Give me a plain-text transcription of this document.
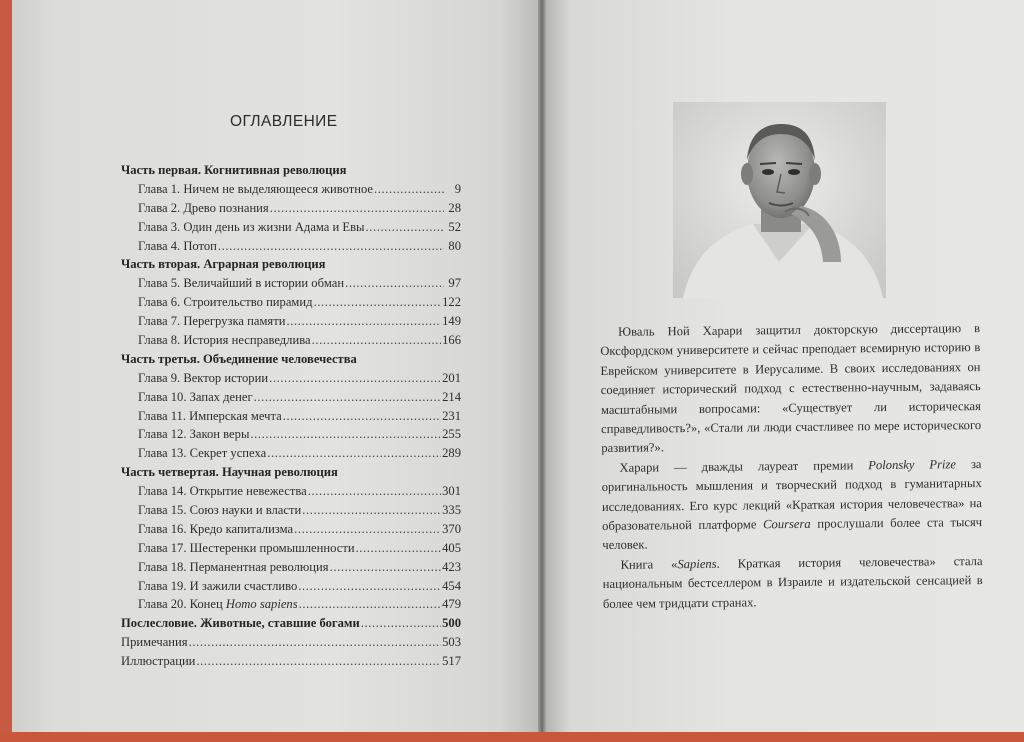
ОГЛАВЛЕНИЕ
Часть первая. Когнитивная революция
Глава 1. Ничем не выделяющееся животное .....	9
Глава 2. Древо познания .....	28
Глава 3. Один день из жизни Адама и Евы .....	52
Глава 4. Потоп .....	80
Часть вторая. Аграрная революция
Глава 5. Величайший в истории обман .....	97
Глава 6. Строительство пирамид .....	122
Глава 7. Перегрузка памяти .....	149
Глава 8. История несправедлива .....	166
Часть третья. Объединение человечества
Глава 9. Вектор истории .....	201
Глава 10. Запах денег .....	214
Глава 11. Имперская мечта .....	231
Глава 12. Закон веры .....	255
Глава 13. Секрет успеха .....	289
Часть четвертая. Научная революция
Глава 14. Открытие невежества .....	301
Глава 15. Союз науки и власти .....	335
Глава 16. Кредо капитализма .....	370
Глава 17. Шестеренки промышленности .....	405
Глава 18. Перманентная революция .....	423
Глава 19. И зажили счастливо .....	454
Глава 20. Конец Homo sapiens .....	479
Послесловие. Животные, ставшие богами .....	500
Примечания .....	503
Иллюстрации .....	517

Юваль Ной Харари защитил докторскую диссертацию в Оксфордском университете и сейчас преподает всемирную историю в Еврейском университете в Иерусалиме. В своих исследованиях он соединяет исторический подход с естественно-научным, задаваясь масштабными вопросами: «Существует ли историческая справедливость?», «Стали ли люди счастливее по мере исторического развития?».

Харари — дважды лауреат премии Polonsky Prize за оригинальность мышления и творческий подход в гуманитарных исследованиях. Его курс лекций «Краткая история человечества» на образовательной платформе Coursera прослушали более ста тысяч человек.

Книга «Sapiens. Краткая история человечества» стала национальным бестселлером в Израиле и издательской сенсацией в более чем тридцати странах.
